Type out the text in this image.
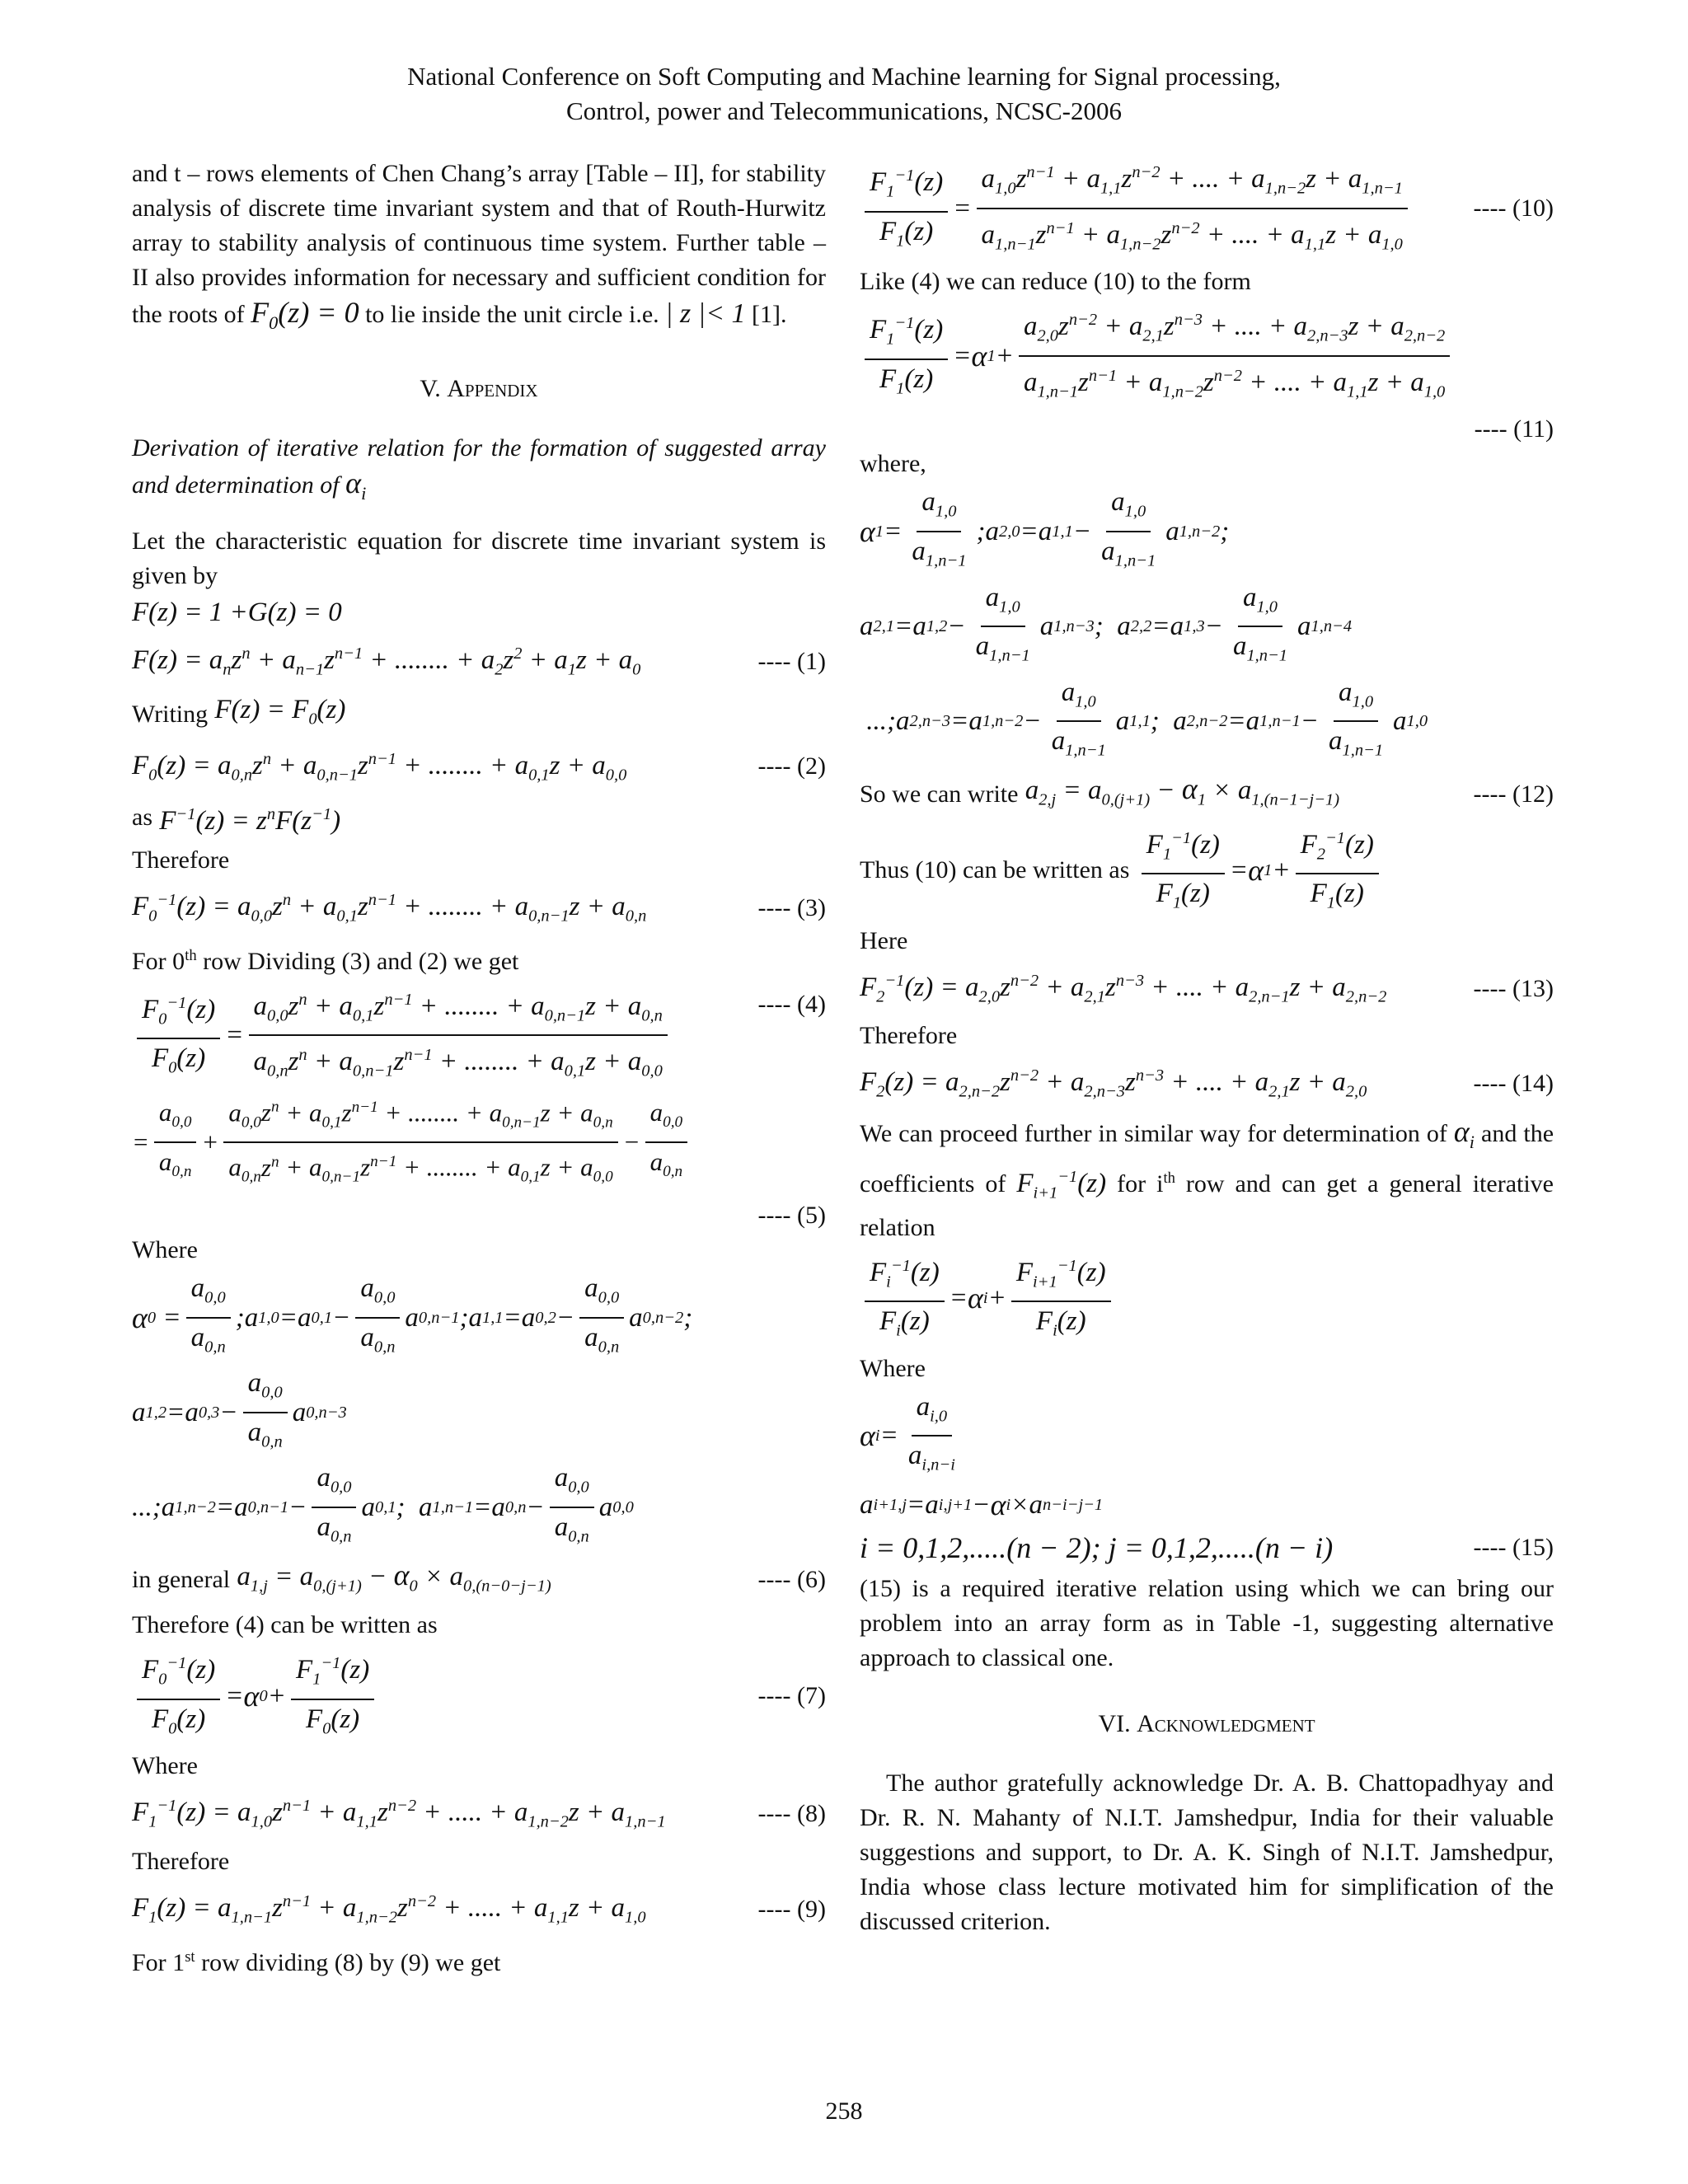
National Conference on Soft Computing and Machine learning for Signal processing,
Control, power and Telecommunications, NCSC-2006

and t – rows elements of Chen Chang’s array [Table – II], for stability analysis of discrete time invariant system and that of Routh-Hurwitz array to stability analysis of continuous time system. Further table – II also provides information for necessary and sufficient condition for the roots of $F_0(z) = 0$ to lie inside the unit circle i.e. | z |< 1 [1].

V. Appendix

Derivation of iterative relation for the formation of suggested array and determination of $\alpha_i$

Let the characteristic equation for discrete time invariant system is given by

F ( z ) = 1 + G ( z ) = 0
$F(z) = a_nz^n + a_{n-1}z^{n-1}$ + ........ + $a_2z^2 + a_1z + a_0$	---- (1)
Writing
$F(z) = F_0(z)$
$F_0(z) = a_{0,n}z^n + a_{0,n-1}z^{n-1}$ + ........ + $a_{0,1}z + a_{0,0}$	---- (2)
as
$F^{-1}(z) = z^nF(z^{-1})$

Therefore

$F_0^{-1}(z) = a_{0,0}z^n + a_{0,1}z^{n-1}$ + ........ + $a_{0,n-1}z + a_{0,n}$	---- (3)

For 0th row Dividing (3) and (2) we get

$\frac{F_0^{-1}(z)}{F_0(z)} = \frac{a_{0,0}z^n + a_{0,1}z^{n-1} + ........ + a_{0,n-1}z + a_{0,n}}{a_{0,n}z^n + a_{0,n-1}z^{n-1} + ........ + a_{0,1}z + a_{0,0}}$	---- (4)
= $\frac{a_{0,0}}{a_{0,n}} + \frac{a_{0,0}z^n + a_{0,1}z^{n-1} + ........ + a_{0,n-1}z + a_{0,n}}{a_{0,n}z^n + a_{0,n-1}z^{n-1} + ........ + a_{0,1}z + a_{0,0}} - \frac{a_{0,0}}{a_{0,n}}$
---- (5)

Where

α $0 = \frac{a_{0,0}}{a_{0,n}}$ ; a 1,0 = a $0,1 - \frac{a_{0,0}}{a_{0,n}}$ a 0,n−1 ; a 1,1 = a $0,2 - \frac{a_{0,0}}{a_{0,n}}$ a 0,n−2 ;
a 1,2 = a $0,3 - \frac{a_{0,0}}{a_{0,n}}$ a 0,n−3
...; a 1,n−2 = a $0,n-1 - \frac{a_{0,0}}{a_{0,n}}$ a 0,1 ; a 1,n−1 = a $0,n - \frac{a_{0,0}}{a_{0,n}}$ a 0,0
in general
$a_{1,j} = a_{0,(j+1)} - \alpha_0 \times a_{0,(n-0-j-1)}$	---- (6)

Therefore (4) can be written as

$\frac{F_0^{-1}(z)}{F_0(z)} = \alpha$ $0 + \frac{F_1^{-1}(z)}{F_0(z)}$	---- (7)

Where

$F_1^{-1}(z) = a_{1,0}z^{n-1} + a_{1,1}z^{n-2}$ + ..... + $a_{1,n-2}z + a_{1,n-1}$	---- (8)

Therefore

$F_1(z) = a_{1,n-1}z^{n-1} + a_{1,n-2}z^{n-2}$ + ..... + $a_{1,1}z + a_{1,0}$	---- (9)

For 1st row dividing (8) by (9) we get

$\frac{F_1^{-1}(z)}{F_1(z)} = \frac{a_{1,0}z^{n-1} + a_{1,1}z^{n-2} + .... + a_{1,n-2}z + a_{1,n-1}}{a_{1,n-1}z^{n-1} + a_{1,n-2}z^{n-2} + .... + a_{1,1}z + a_{1,0}}$	---- (10)

Like (4) we can reduce (10) to the form

$\frac{F_1^{-1}(z)}{F_1(z)} = \alpha$ $1 + \frac{a_{2,0}z^{n-2} + a_{2,1}z^{n-3} + .... + a_{2,n-3}z + a_{2,n-2}}{a_{1,n-1}z^{n-1} + a_{1,n-2}z^{n-2} + .... + a_{1,1}z + a_{1,0}}$
---- (11)

where,

α $1 = \frac{a_{1,0}}{a_{1,n-1}}$ ; a 2,0 = a $1,1 - \frac{a_{1,0}}{a_{1,n-1}}$ a 1,n−2 ;
a 2,1 = a $1,2 - \frac{a_{1,0}}{a_{1,n-1}}$ a 1,n−3 ; a 2,2 = a $1,3 - \frac{a_{1,0}}{a_{1,n-1}}$ a 1,n−4
...; a 2,n−3 = a $1,n-2 - \frac{a_{1,0}}{a_{1,n-1}}$ a 1,1 ; a 2,n−2 = a $1,n-1 - \frac{a_{1,0}}{a_{1,n-1}}$ a 1,0
So we can write
$a_{2,j} = a_{0,(j+1)} - \alpha_1 \times a_{1,(n-1-j-1)}$	---- (12)
Thus (10) can be written as
$\frac{F_1^{-1}(z)}{F_1(z)} = \alpha$ $1 + \frac{F_2^{-1}(z)}{F_1(z)}$

Here

$F_2^{-1}(z) = a_{2,0}z^{n-2} + a_{2,1}z^{n-3}$ + .... + $a_{2,n-1}z + a_{2,n-2}$	---- (13)

Therefore

$F_2(z) = a_{2,n-2}z^{n-2} + a_{2,n-3}z^{n-3}$ + .... + $a_{2,1}z + a_{2,0}$	---- (14)

We can proceed further in similar way for determination of $\alpha_i$ and the coefficients of $F_{i+1}^{-1}(z)$ for $i^{th}$ row and can get a general iterative relation

$\frac{F_i^{-1}(z)}{F_i(z)} = \alpha$ $i + \frac{F_{i+1}^{-1}(z)}{F_i(z)}$

Where

α $i = \frac{a_{i,0}}{a_{i,n-i}}$
a i+1,j = a i,j+1 − α i × a n−i−j−1
i = 0,1,2,.....(n − 2); j = 0,1,2,.....(n − i)	---- (15)

(15) is a required iterative relation using which we can bring our problem into an array form as in Table -1, suggesting alternative approach to classical one.

VI. Acknowledgment

The author gratefully acknowledge Dr. A. B. Chattopadhyay and Dr. R. N. Mahanty of N.I.T. Jamshedpur, India for their valuable suggestions and support, to Dr. A. K. Singh of N.I.T. Jamshedpur, India whose class lecture motivated him for simplification of the discussed criterion.

258
